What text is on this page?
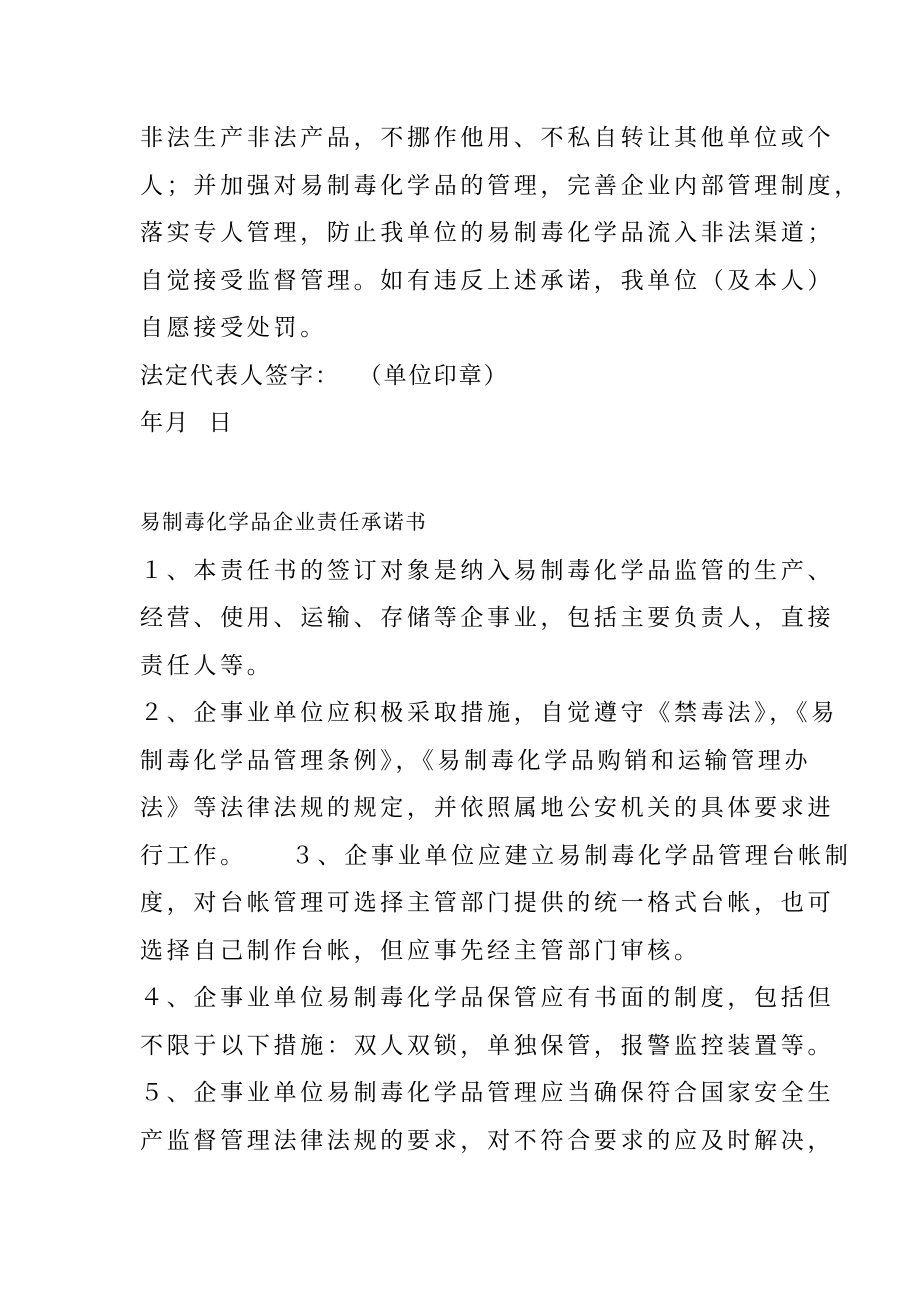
非法生产非法产品，不挪作他用、不私自转让其他单位或个
人；并加强对易制毒化学品的管理，完善企业内部管理制度，
落实专人管理，防止我单位的易制毒化学品流入非法渠道；
自觉接受监督管理。如有违反上述承诺，我单位（及本人）
自愿接受处罚。
法定代表人签字：  （单位印章）
年月  日
易制毒化学品企业责任承诺书
１、本责任书的签订对象是纳入易制毒化学品监管的生产、
经营、使用、运输、存储等企事业，包括主要负责人，直接
责任人等。
２、企事业单位应积极采取措施，自觉遵守《禁毒法》，《易
制毒化学品管理条例》，《易制毒化学品购销和运输管理办
法》等法律法规的规定，并依照属地公安机关的具体要求进
行工作。    ３、企事业单位应建立易制毒化学品管理台帐制
度，对台帐管理可选择主管部门提供的统一格式台帐，也可
选择自己制作台帐，但应事先经主管部门审核。
４、企事业单位易制毒化学品保管应有书面的制度，包括但
不限于以下措施：双人双锁，单独保管，报警监控装置等。
５、企事业单位易制毒化学品管理应当确保符合国家安全生
产监督管理法律法规的要求，对不符合要求的应及时解决，
